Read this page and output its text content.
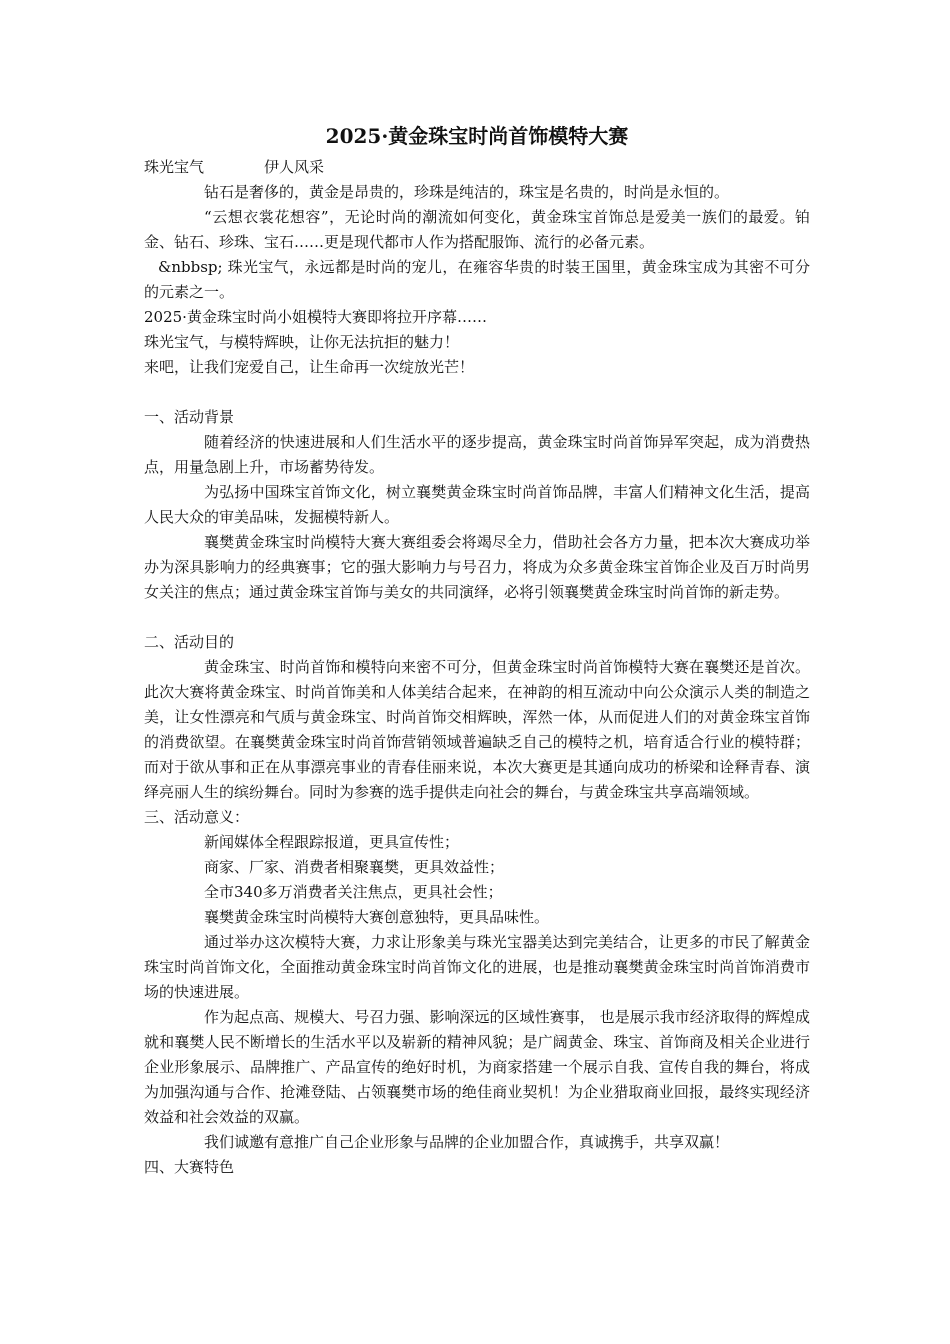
2025·黄金珠宝时尚首饰模特大赛

珠光宝气	伊人风采

钻石是奢侈的，黄金是昂贵的，珍珠是纯洁的，珠宝是名贵的，时尚是永恒的。

“云想衣裳花想容”，无论时尚的潮流如何变化，黄金珠宝首饰总是爱美一族们的最爱。铂金、钻石、珍珠、宝石……更是现代都市人作为搭配服饰、流行的必备元素。

&nbbsp; 珠光宝气，永远都是时尚的宠儿，在雍容华贵的时装王国里，黄金珠宝成为其密不可分的元素之一。

2025·黄金珠宝时尚小姐模特大赛即将拉开序幕……

珠光宝气，与模特辉映，让你无法抗拒的魅力！

来吧，让我们宠爱自己，让生命再一次绽放光芒！

一、活动背景

随着经济的快速进展和人们生活水平的逐步提高，黄金珠宝时尚首饰异军突起，成为消费热点，用量急剧上升，市场蓄势待发。

为弘扬中国珠宝首饰文化，树立襄樊黄金珠宝时尚首饰品牌，丰富人们精神文化生活，提高人民大众的审美品味，发掘模特新人。

襄樊黄金珠宝时尚模特大赛大赛组委会将竭尽全力，借助社会各方力量，把本次大赛成功举办为深具影响力的经典赛事；它的强大影响力与号召力，将成为众多黄金珠宝首饰企业及百万时尚男女关注的焦点；通过黄金珠宝首饰与美女的共同演绎，必将引领襄樊黄金珠宝时尚首饰的新走势。

二、活动目的

黄金珠宝、时尚首饰和模特向来密不可分，但黄金珠宝时尚首饰模特大赛在襄樊还是首次。此次大赛将黄金珠宝、时尚首饰美和人体美结合起来，在神韵的相互流动中向公众演示人类的制造之美，让女性漂亮和气质与黄金珠宝、时尚首饰交相辉映，浑然一体，从而促进人们的对黄金珠宝首饰的消费欲望。在襄樊黄金珠宝时尚首饰营销领域普遍缺乏自己的模特之机，培育适合行业的模特群；而对于欲从事和正在从事漂亮事业的青春佳丽来说，本次大赛更是其通向成功的桥梁和诠释青春、演绎亮丽人生的缤纷舞台。同时为参赛的选手提供走向社会的舞台，与黄金珠宝共享高端领域。

三、活动意义：

新闻媒体全程跟踪报道，更具宣传性；

商家、厂家、消费者相聚襄樊，更具效益性；

全市340多万消费者关注焦点，更具社会性；

襄樊黄金珠宝时尚模特大赛创意独特，更具品味性。

通过举办这次模特大赛，力求让形象美与珠光宝器美达到完美结合，让更多的市民了解黄金珠宝时尚首饰文化，全面推动黄金珠宝时尚首饰文化的进展，也是推动襄樊黄金珠宝时尚首饰消费市场的快速进展。

作为起点高、规模大、号召力强、影响深远的区域性赛事， 也是展示我市经济取得的辉煌成就和襄樊人民不断增长的生活水平以及崭新的精神风貌；是广阔黄金、珠宝、首饰商及相关企业进行企业形象展示、品牌推广、产品宣传的绝好时机，为商家搭建一个展示自我、宣传自我的舞台，将成为加强沟通与合作、抢滩登陆、占领襄樊市场的绝佳商业契机！为企业猎取商业回报，最终实现经济效益和社会效益的双赢。

我们诚邀有意推广自己企业形象与品牌的企业加盟合作，真诚携手，共享双赢！

四、大赛特色
